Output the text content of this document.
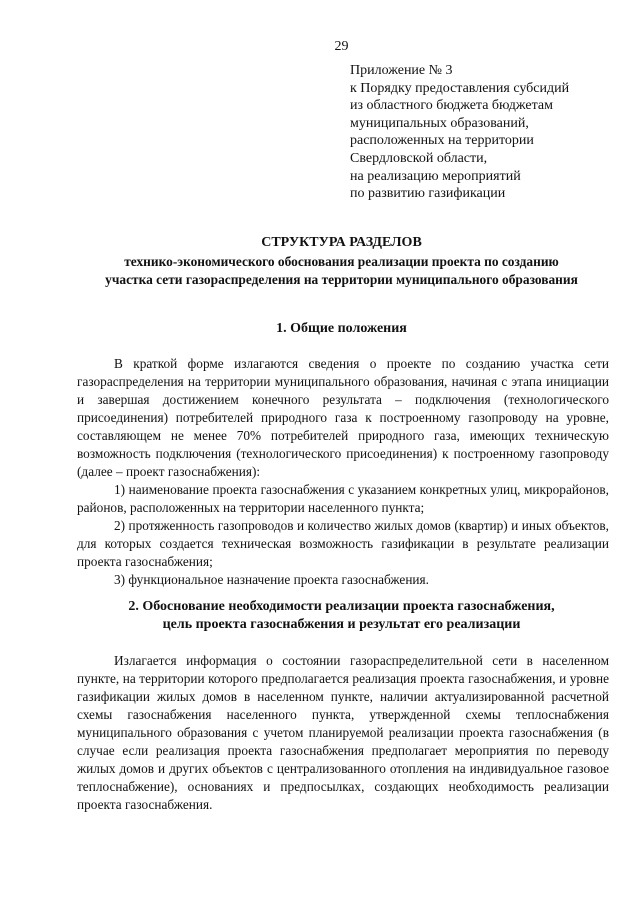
29
Приложение № 3
к Порядку предоставления субсидий
из областного бюджета бюджетам
муниципальных образований,
расположенных на территории
Свердловской области,
на реализацию мероприятий
по развитию газификации
СТРУКТУРА РАЗДЕЛОВ
технико-экономического обоснования реализации проекта по созданию
участка сети газораспределения на территории муниципального образования
1. Общие положения
В краткой форме излагаются сведения о проекте по созданию участка сети газораспределения на территории муниципального образования, начиная с этапа инициации и завершая достижением конечного результата – подключения (технологического присоединения) потребителей природного газа к построенному газопроводу на уровне, составляющем не менее 70% потребителей природного газа, имеющих техническую возможность подключения (технологического присоединения) к построенному газопроводу (далее – проект газоснабжения):
1) наименование проекта газоснабжения с указанием конкретных улиц, микрорайонов, районов, расположенных на территории населенного пункта;
2) протяженность газопроводов и количество жилых домов (квартир) и иных объектов, для которых создается техническая возможность газификации в результате реализации проекта газоснабжения;
3) функциональное назначение проекта газоснабжения.
2. Обоснование необходимости реализации проекта газоснабжения,
цель проекта газоснабжения и результат его реализации
Излагается информация о состоянии газораспределительной сети в населенном пункте, на территории которого предполагается реализация проекта газоснабжения, и уровне газификации жилых домов в населенном пункте, наличии актуализированной расчетной схемы газоснабжения населенного пункта, утвержденной схемы теплоснабжения муниципального образования с учетом планируемой реализации проекта газоснабжения (в случае если реализация проекта газоснабжения предполагает мероприятия по переводу жилых домов и других объектов с централизованного отопления на индивидуальное газовое теплоснабжение), основаниях и предпосылках, создающих необходимость реализации проекта газоснабжения.
